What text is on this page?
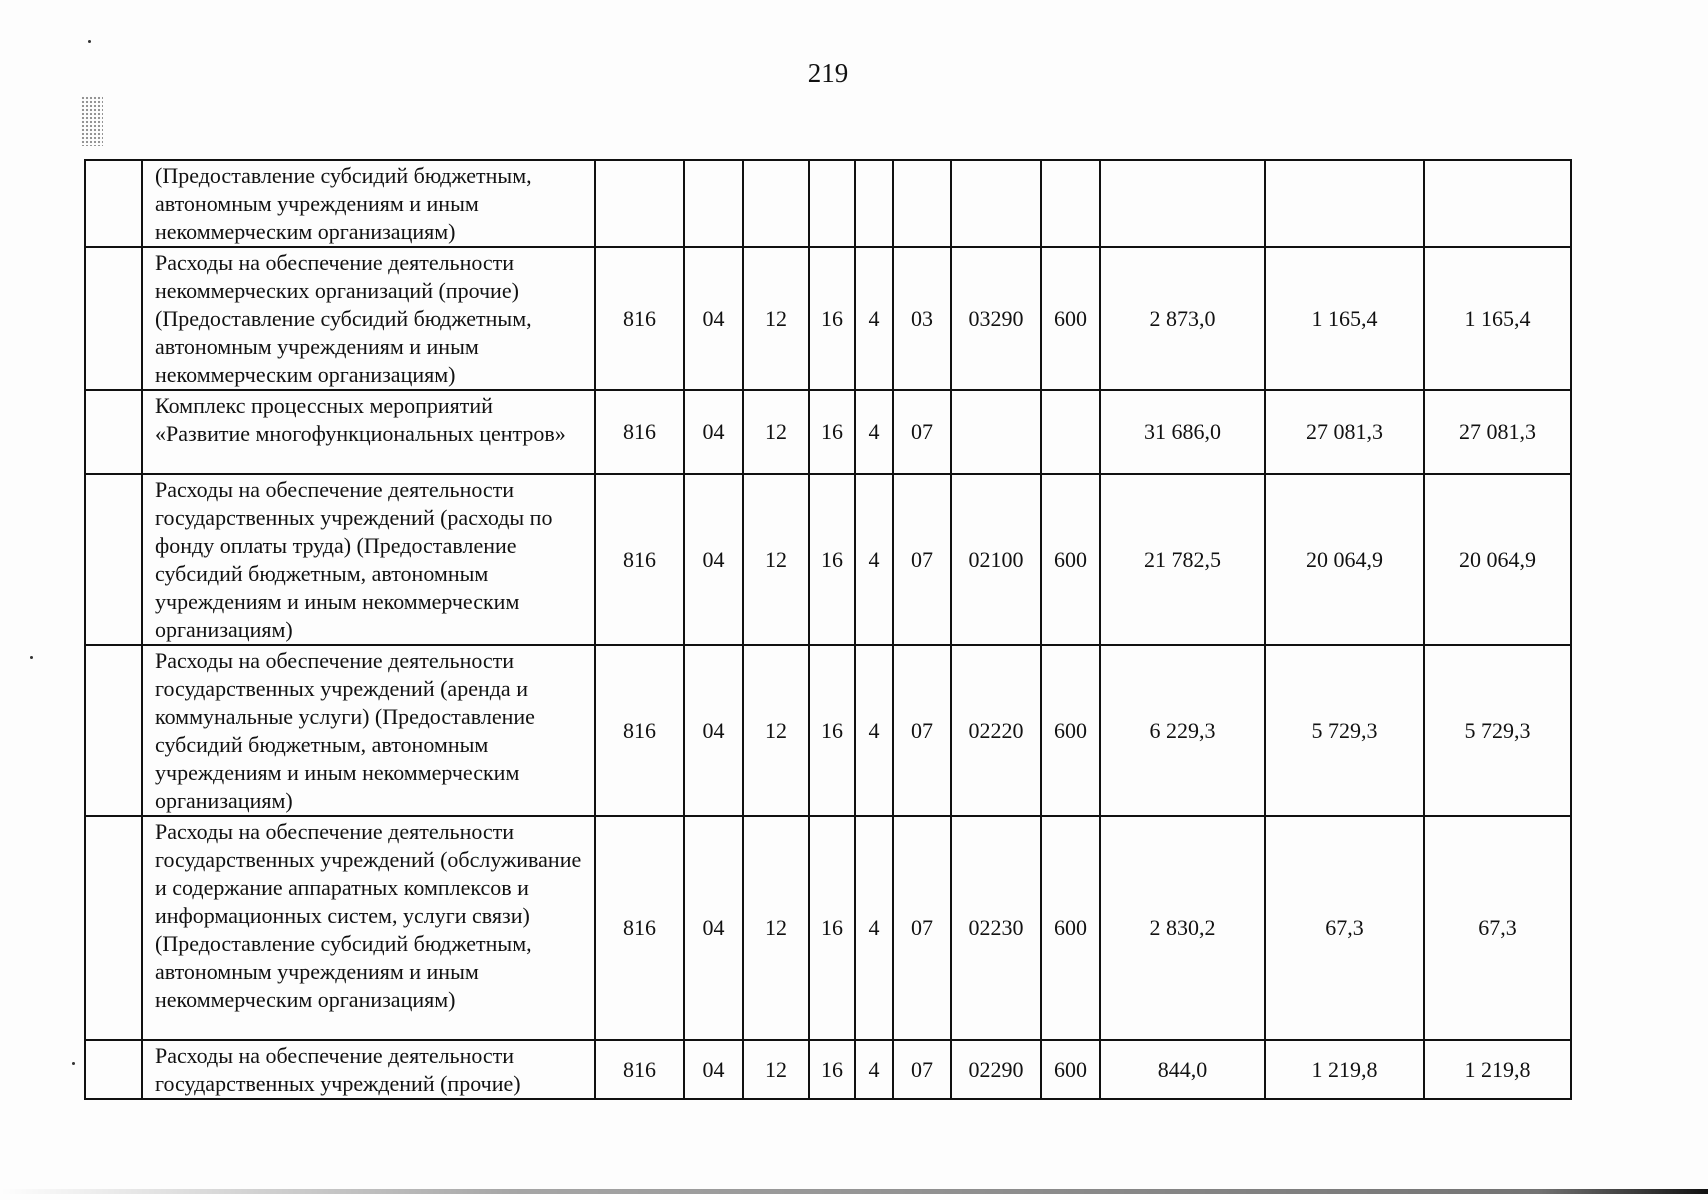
219
	(Предоставление субсидий бюджетным, автономным учреждениям и иным некоммерческим организациям)											
	Расходы на обеспечение деятельности некоммерческих организаций (прочие) (Предоставление субсидий бюджетным, автономным учреждениям и иным некоммерческим организациям)	816	04	12	16	4	03	03290	600	2 873,0	1 165,4	1 165,4
	Комплекс процессных мероприятий «Развитие многофункциональных центров»	816	04	12	16	4	07			31 686,0	27 081,3	27 081,3
	Расходы на обеспечение деятельности государственных учреждений (расходы по фонду оплаты труда) (Предоставление субсидий бюджетным, автономным учреждениям и иным некоммерческим организациям)	816	04	12	16	4	07	02100	600	21 782,5	20 064,9	20 064,9
	Расходы на обеспечение деятельности государственных учреждений (аренда и коммунальные услуги) (Предоставление субсидий бюджетным, автономным учреждениям и иным некоммерческим организациям)	816	04	12	16	4	07	02220	600	6 229,3	5 729,3	5 729,3
	Расходы на обеспечение деятельности государственных учреждений (обслуживание и содержание аппаратных комплексов и информационных систем, услуги связи) (Предоставление субсидий бюджетным, автономным учреждениям и иным некоммерческим организациям)	816	04	12	16	4	07	02230	600	2 830,2	67,3	67,3
	Расходы на обеспечение деятельности государственных учреждений (прочие)	816	04	12	16	4	07	02290	600	844,0	1 219,8	1 219,8
